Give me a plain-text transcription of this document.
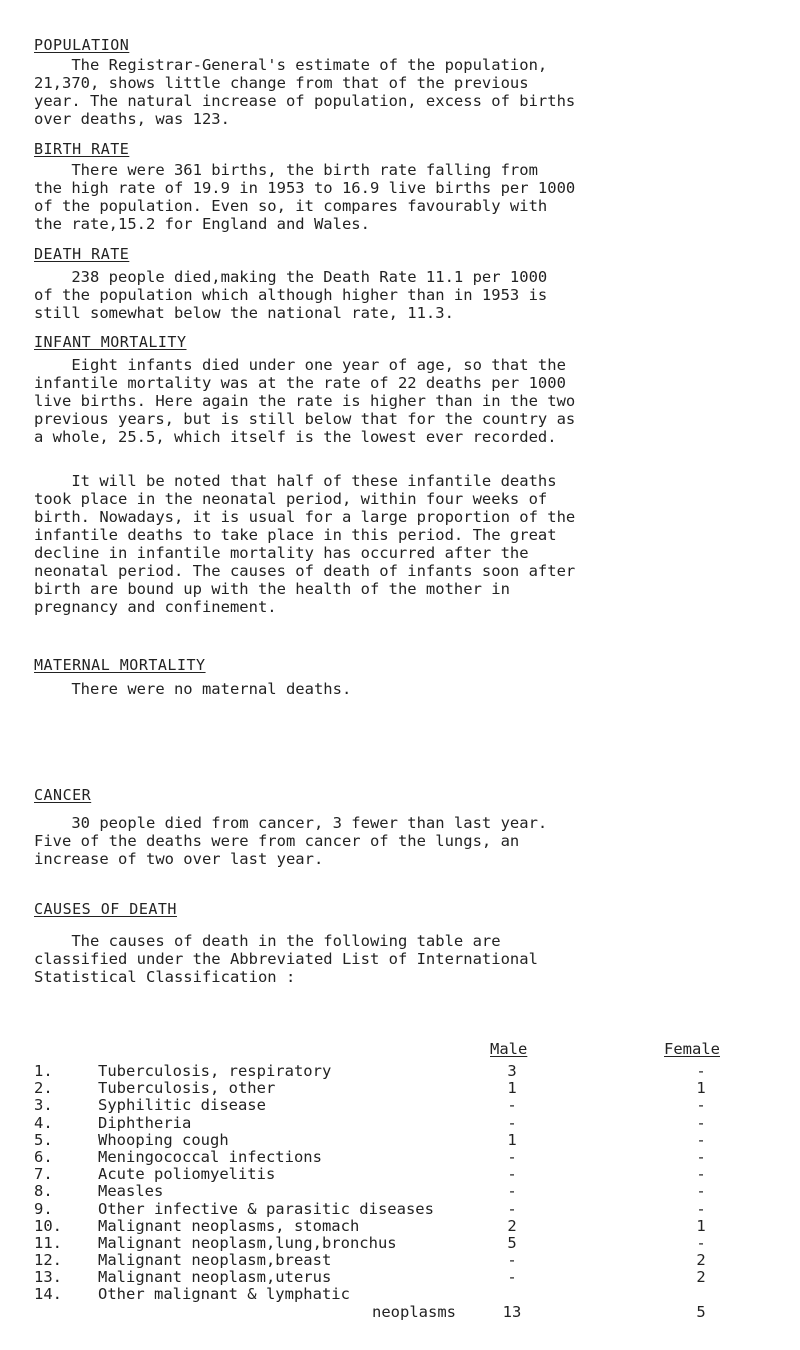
POPULATION
The Registrar-General's estimate of the population,
21,370, shows little change from that of the previous
year. The natural increase of population, excess of births
over deaths, was 123.
BIRTH RATE
There were 361 births, the birth rate falling from
the high rate of 19.9 in 1953 to 16.9 live births per 1000
of the population. Even so, it compares favourably with
the rate,15.2 for England and Wales.
DEATH RATE
238 people died,making the Death Rate 11.1 per 1000
of the population which although higher than in 1953 is
still somewhat below the national rate, 11.3.
INFANT MORTALITY
Eight infants died under one year of age, so that the
infantile mortality was at the rate of 22 deaths per 1000
live births. Here again the rate is higher than in the two
previous years, but is still below that for the country as
a whole, 25.5, which itself is the lowest ever recorded.
It will be noted that half of these infantile deaths
took place in the neonatal period, within four weeks of
birth. Nowadays, it is usual for a large proportion of the
infantile deaths to take place in this period. The great
decline in infantile mortality has occurred after the
neonatal period. The causes of death of infants soon after
birth are bound up with the health of the mother in
pregnancy and confinement.
MATERNAL MORTALITY
There were no maternal deaths.
CANCER
30 people died from cancer, 3 fewer than last year.
Five of the deaths were from cancer of the lungs, an
increase of two over last year.
CAUSES OF DEATH
The causes of death in the following table are
classified under the Abbreviated List of International
Statistical Classification :
Male	Female
1.	Tuberculosis, respiratory	3	-
2.	Tuberculosis, other	1	1
3.	Syphilitic disease	-	-
4.	Diphtheria	-	-
5.	Whooping cough	1	-
6.	Meningococcal infections	-	-
7.	Acute poliomyelitis	-	-
8.	Measles	-	-
9.	Other infective & parasitic diseases	-	-
10. Malignant neoplasms, stomach	2	1
11. Malignant neoplasm,lung,bronchus	5	-
12. Malignant neoplasm,breast	-	2
13. Malignant neoplasm,uterus	-	2
14. Other malignant & lymphatic
neoplasms	13	5
